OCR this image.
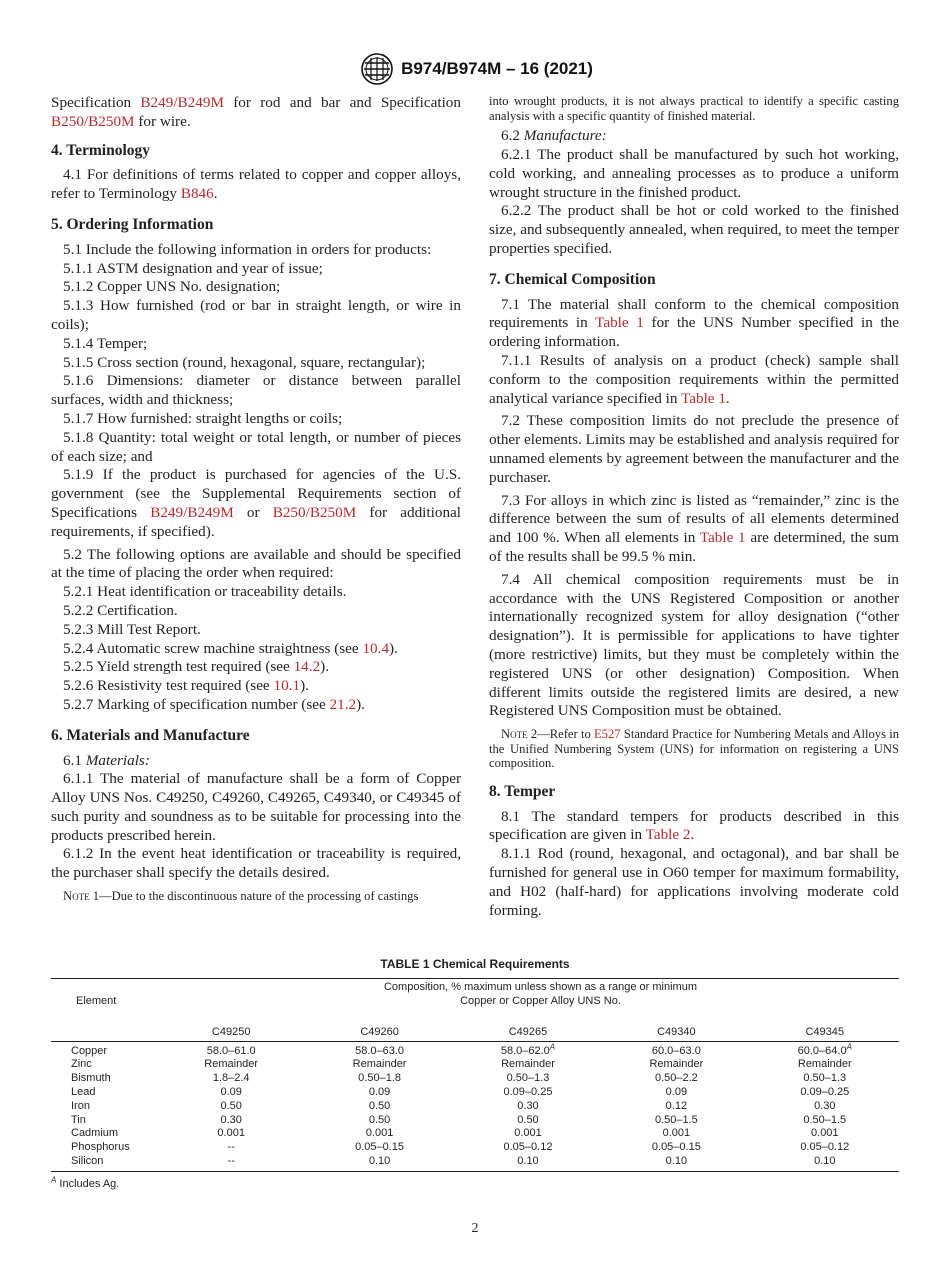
B974/B974M – 16 (2021)

Specification B249/B249M for rod and bar and Specification B250/B250M for wire.

4. Terminology

4.1 For definitions of terms related to copper and copper alloys, refer to Terminology B846.

5. Ordering Information

5.1 Include the following information in orders for products:

5.1.1 ASTM designation and year of issue;

5.1.2 Copper UNS No. designation;

5.1.3 How furnished (rod or bar in straight length, or wire in coils);

5.1.4 Temper;

5.1.5 Cross section (round, hexagonal, square, rectangular);

5.1.6 Dimensions: diameter or distance between parallel surfaces, width and thickness;

5.1.7 How furnished: straight lengths or coils;

5.1.8 Quantity: total weight or total length, or number of pieces of each size; and

5.1.9 If the product is purchased for agencies of the U.S. government (see the Supplemental Requirements section of Specifications B249/B249M or B250/B250M for additional requirements, if specified).

5.2 The following options are available and should be specified at the time of placing the order when required:

5.2.1 Heat identification or traceability details.

5.2.2 Certification.

5.2.3 Mill Test Report.

5.2.4 Automatic screw machine straightness (see 10.4).

5.2.5 Yield strength test required (see 14.2).

5.2.6 Resistivity test required (see 10.1).

5.2.7 Marking of specification number (see 21.2).

6. Materials and Manufacture

6.1 Materials:

6.1.1 The material of manufacture shall be a form of Copper Alloy UNS Nos. C49250, C49260, C49265, C49340, or C49345 of such purity and soundness as to be suitable for processing into the products prescribed herein.

6.1.2 In the event heat identification or traceability is required, the purchaser shall specify the details desired.

Note 1—Due to the discontinuous nature of the processing of castings

into wrought products, it is not always practical to identify a specific casting analysis with a specific quantity of finished material.

6.2 Manufacture:

6.2.1 The product shall be manufactured by such hot working, cold working, and annealing processes as to produce a uniform wrought structure in the finished product.

6.2.2 The product shall be hot or cold worked to the finished size, and subsequently annealed, when required, to meet the temper properties specified.

7. Chemical Composition

7.1 The material shall conform to the chemical composition requirements in Table 1 for the UNS Number specified in the ordering information.

7.1.1 Results of analysis on a product (check) sample shall conform to the composition requirements within the permitted analytical variance specified in Table 1.

7.2 These composition limits do not preclude the presence of other elements. Limits may be established and analysis required for unnamed elements by agreement between the manufacturer and the purchaser.

7.3 For alloys in which zinc is listed as “remainder,” zinc is the difference between the sum of results of all elements determined and 100 %. When all elements in Table 1 are determined, the sum of the results shall be 99.5 % min.

7.4 All chemical composition requirements must be in accordance with the UNS Registered Composition or another internationally recognized system for alloy designation (“other designation”). It is permissible for applications to have tighter (more restrictive) limits, but they must be completely within the registered UNS (or other designation) Composition. When different limits outside the registered limits are desired, a new Registered UNS Composition must be obtained.

Note 2—Refer to E527 Standard Practice for Numbering Metals and Alloys in the Unified Numbering System (UNS) for information on registering a UNS composition.

8. Temper

8.1 The standard tempers for products described in this specification are given in Table 2.

8.1.1 Rod (round, hexagonal, and octagonal), and bar shall be furnished for general use in O60 temper for maximum formability, and H02 (half-hard) for applications involving moderate cold forming.

TABLE 1 Chemical Requirements
Element
Composition, % maximum unless shown as a range or minimum
Copper or Copper Alloy UNS No.
	C49250	C49260	C49265	C49340	C49345
Copper	58.0–61.0	58.0–63.0	$58.0-62.0^A$	60.0–63.0	$60.0-64.0^A$
Zinc	Remainder	Remainder	Remainder	Remainder	Remainder
Bismuth	1.8–2.4	0.50–1.8	0.50–1.3	0.50–2.2	0.50–1.3
Lead	0.09	0.09	0.09–0.25	0.09	0.09–0.25
Iron	0.50	0.50	0.30	0.12	0.30
Tin	0.30	0.50	0.50	0.50–1.5	0.50–1.5
Cadmium	0.001	0.001	0.001	0.001	0.001
Phosphorus	--	0.05–0.15	0.05–0.12	0.05–0.15	0.05–0.12
Silicon	--	0.10	0.10	0.10	0.10
$^A$ Includes Ag.
2
